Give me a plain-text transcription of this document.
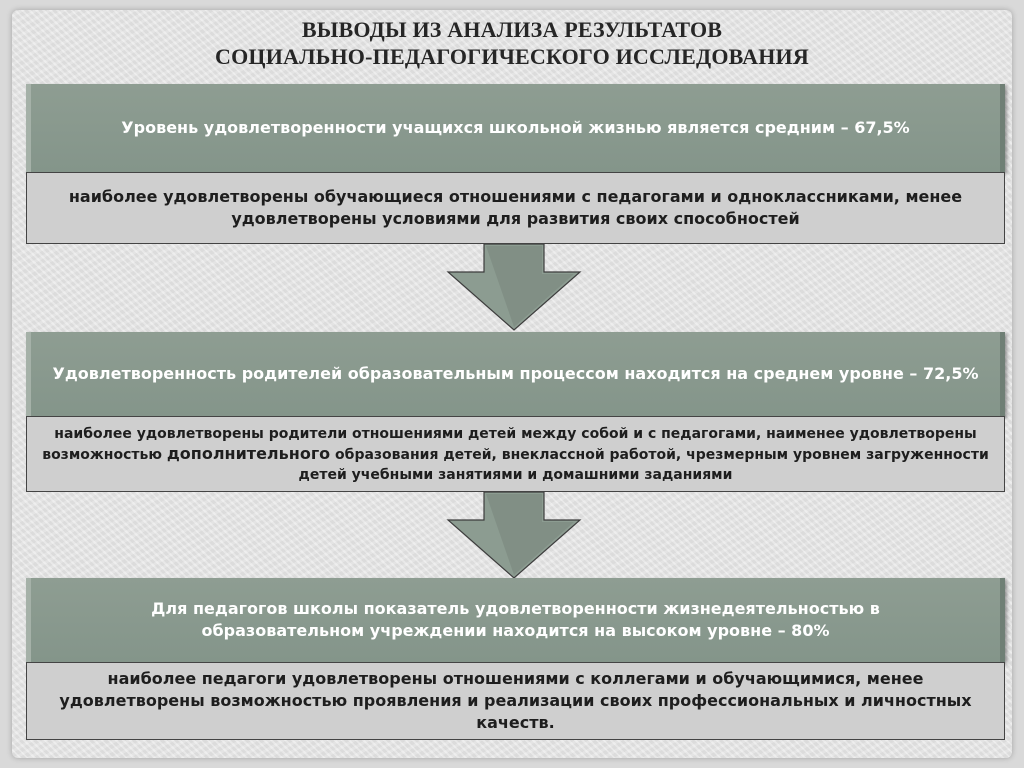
ВЫВОДЫ ИЗ АНАЛИЗА РЕЗУЛЬТАТОВ
СОЦИАЛЬНО-ПЕДАГОГИЧЕСКОГО ИССЛЕДОВАНИЯ
Уровень удовлетворенности учащихся школьной жизнью является средним – 67,5%
наиболее удовлетворены обучающиеся отношениями с педагогами и одноклассниками, менее удовлетворены условиями для развития своих способностей
Удовлетворенность родителей образовательным процессом находится на среднем уровне – 72,5%
наиболее удовлетворены родители отношениями детей между собой и с педагогами, наименее удовлетворены возможностью дополнительного образования детей, внеклассной работой, чрезмерным уровнем загруженности детей учебными занятиями и домашними заданиями
Для педагогов школы показатель удовлетворенности жизнедеятельностью в образовательном учреждении находится на высоком уровне – 80%
наиболее педагоги удовлетворены отношениями с коллегами и обучающимися, менее удовлетворены возможностью проявления и реализации своих профессиональных и личностных качеств.
